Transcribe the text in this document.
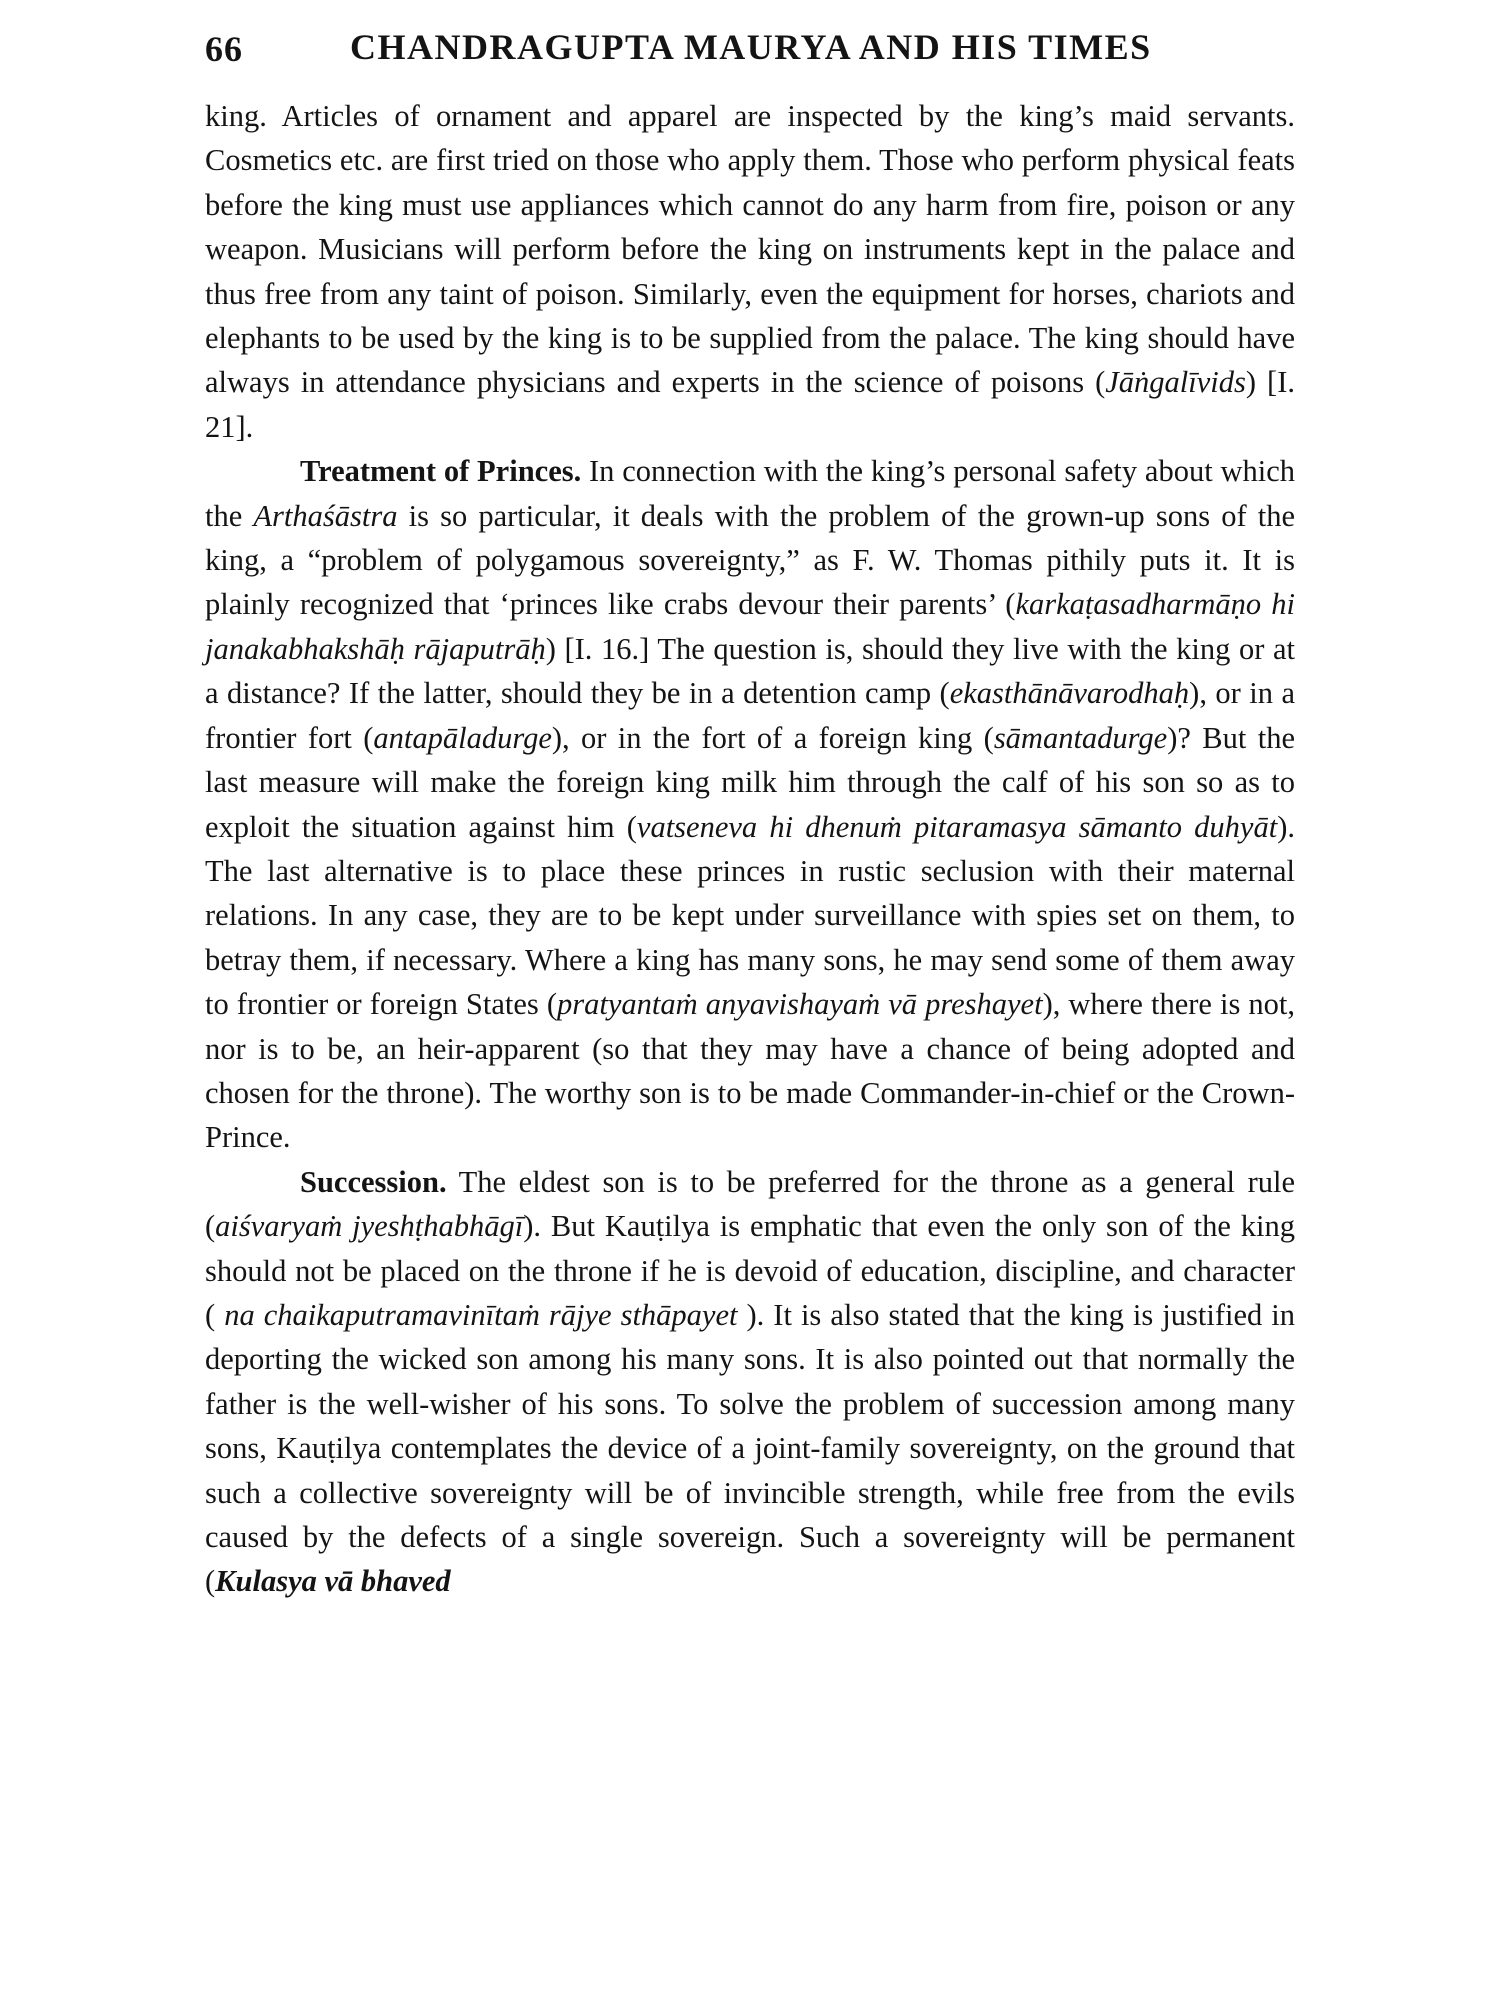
66	CHANDRAGUPTA MAURYA AND HIS TIMES

king. Articles of ornament and apparel are inspected by the king’s maid servants. Cosmetics etc. are first tried on those who apply them. Those who perform physical feats before the king must use appliances which cannot do any harm from fire, poison or any weapon. Musicians will perform before the king on instruments kept in the palace and thus free from any taint of poison. Similarly, even the equipment for horses, chariots and elephants to be used by the king is to be supplied from the palace. The king should have always in attendance physicians and experts in the science of poisons (Jāṅgalīvids) [I. 21].

Treatment of Princes. In connection with the king’s personal safety about which the Arthaśāstra is so particular, it deals with the problem of the grown-up sons of the king, a “problem of polygamous sovereignty,” as F. W. Thomas pithily puts it. It is plainly recognized that ‘princes like crabs devour their parents’ (karkaṭasadharmāṇo hi janakabhakshāḥ rājaputrāḥ) [I. 16.] The question is, should they live with the king or at a distance? If the latter, should they be in a detention camp (ekasthānāvarodhaḥ), or in a frontier fort (antapāladurge), or in the fort of a foreign king (sāmantadurge)? But the last measure will make the foreign king milk him through the calf of his son so as to exploit the situation against him (vatseneva hi dhenuṁ pitaramasya sāmanto duhyāt). The last alternative is to place these princes in rustic seclusion with their maternal relations. In any case, they are to be kept under surveillance with spies set on them, to betray them, if necessary. Where a king has many sons, he may send some of them away to frontier or foreign States (pratyantaṁ anyavishayaṁ vā preshayet), where there is not, nor is to be, an heir-apparent (so that they may have a chance of being adopted and chosen for the throne). The worthy son is to be made Commander-in-chief or the Crown-Prince.

Succession. The eldest son is to be preferred for the throne as a general rule (aiśvaryaṁ jyeshṭhabhāgī). But Kauṭilya is emphatic that even the only son of the king should not be placed on the throne if he is devoid of education, discipline, and character ( na chaikaputramavinītaṁ rājye sthāpayet ). It is also stated that the king is justified in deporting the wicked son among his many sons. It is also pointed out that normally the father is the well-wisher of his sons. To solve the problem of succession among many sons, Kauṭilya contemplates the device of a joint-family sovereignty, on the ground that such a collective sovereignty will be of invincible strength, while free from the evils caused by the defects of a single sovereign. Such a sovereignty will be permanent (Kulasya vā bhaved
